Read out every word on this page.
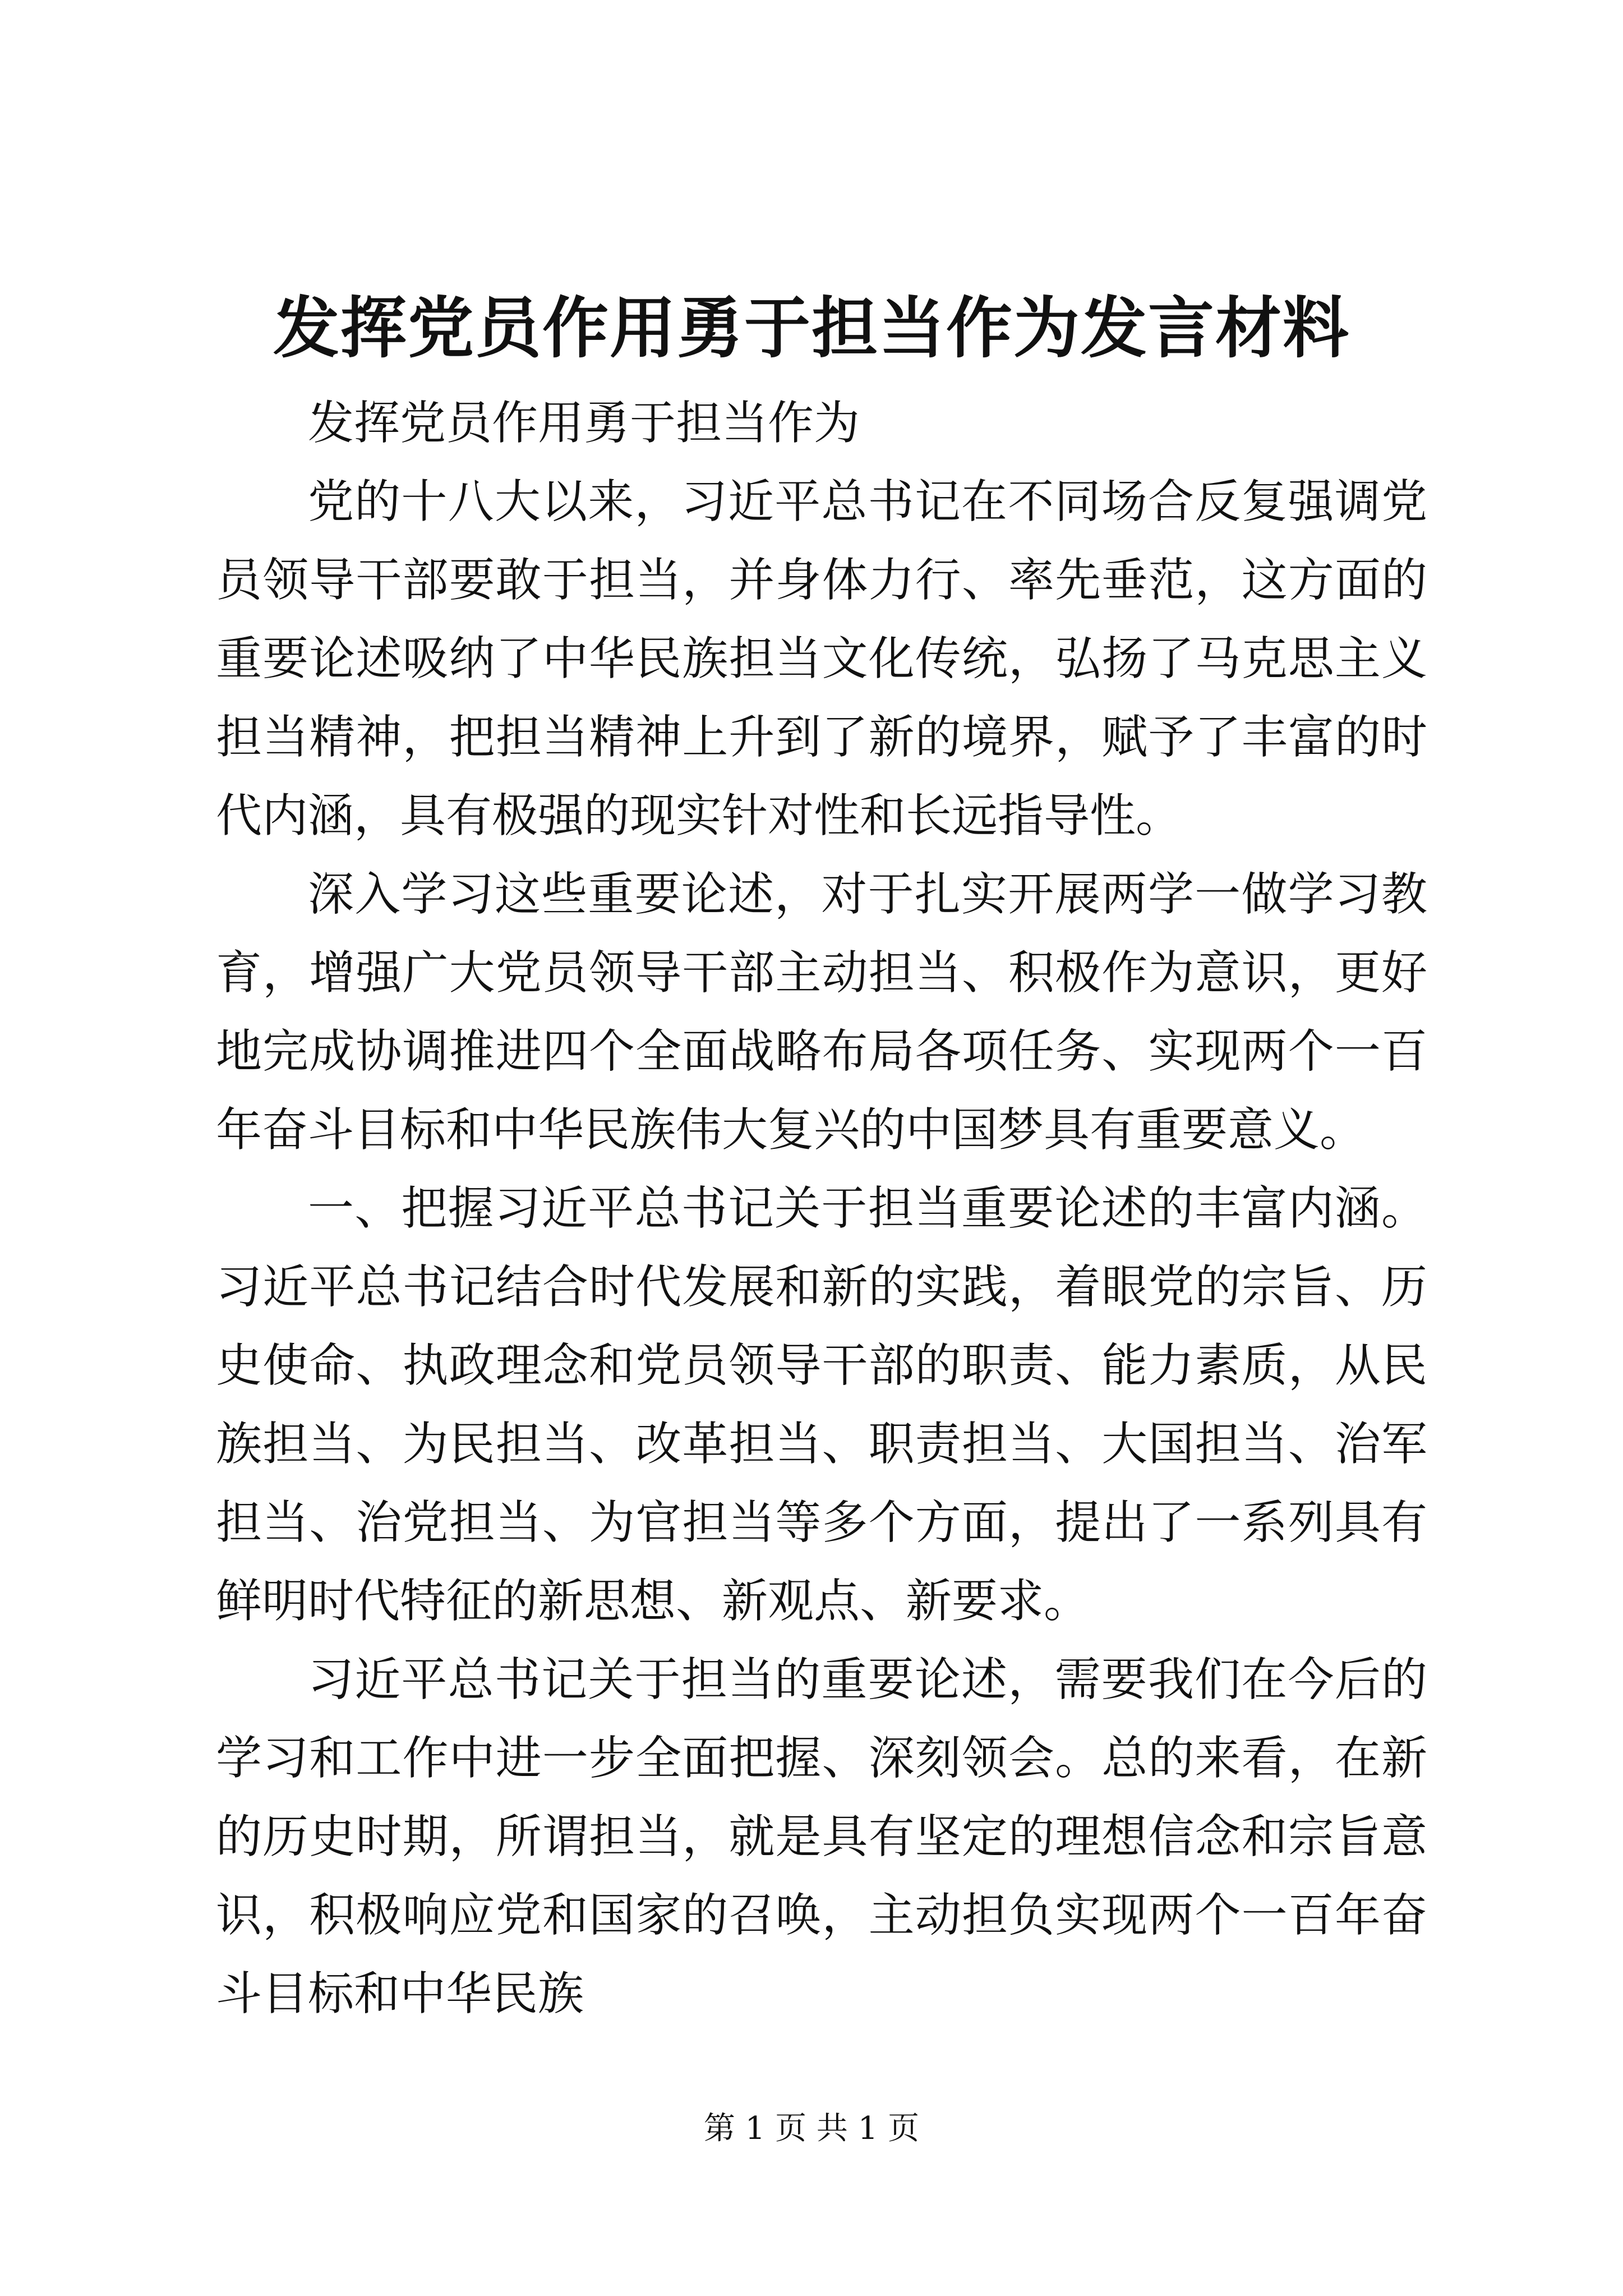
发挥党员作用勇于担当作为发言材料

发挥党员作用勇于担当作为

党的十八大以来，习近平总书记在不同场合反复强调党员领导干部要敢于担当，并身体力行、率先垂范，这方面的重要论述吸纳了中华民族担当文化传统，弘扬了马克思主义担当精神，把担当精神上升到了新的境界，赋予了丰富的时代内涵，具有极强的现实针对性和长远指导性。

深入学习这些重要论述，对于扎实开展两学一做学习教育，增强广大党员领导干部主动担当、积极作为意识，更好地完成协调推进四个全面战略布局各项任务、实现两个一百年奋斗目标和中华民族伟大复兴的中国梦具有重要意义。

一、把握习近平总书记关于担当重要论述的丰富内涵。习近平总书记结合时代发展和新的实践，着眼党的宗旨、历史使命、执政理念和党员领导干部的职责、能力素质，从民族担当、为民担当、改革担当、职责担当、大国担当、治军担当、治党担当、为官担当等多个方面，提出了一系列具有鲜明时代特征的新思想、新观点、新要求。

习近平总书记关于担当的重要论述，需要我们在今后的学习和工作中进一步全面把握、深刻领会。总的来看，在新的历史时期，所谓担当，就是具有坚定的理想信念和宗旨意识，积极响应党和国家的召唤，主动担负实现两个一百年奋斗目标和中华民族

第 1 页 共 1 页
